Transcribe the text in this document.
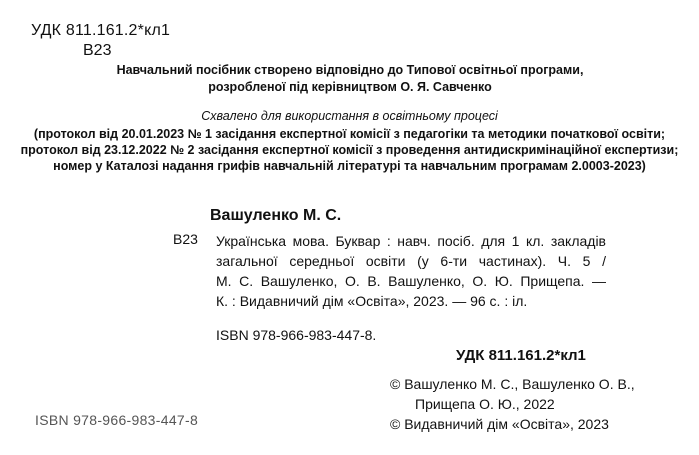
УДК 811.161.2*кл1
В23
Навчальний посібник створено відповідно до Типової освітньої програми,
розробленої під керівництвом О. Я. Савченко
Схвалено для використання в освітньому процесі
(протокол від 20.01.2023 № 1 засідання експертної комісії з педагогіки та методики початкової освіти;
протокол від 23.12.2022 № 2 засідання експертної комісії з проведення антидискримінаційної експертизи;
номер у Каталозі надання грифів навчальній літературі та навчальним програмам 2.0003-2023)
Вашуленко М. С.
В23 Українська мова. Буквар : навч. посіб. для 1 кл. закладів
загальної середньої освіти (у 6-ти частинах). Ч. 5 /
М. С. Вашуленко, О. В. Вашуленко, О. Ю. Прищепа. —
К. : Видавничий дім «Освіта», 2023. — 96 с. : іл.
ISBN 978-966-983-447-8.
УДК 811.161.2*кл1
© Вашуленко М. С., Вашуленко О. В.,
Прищепа О. Ю., 2022
© Видавничий дім «Освіта», 2023
ISBN 978-966-983-447-8
